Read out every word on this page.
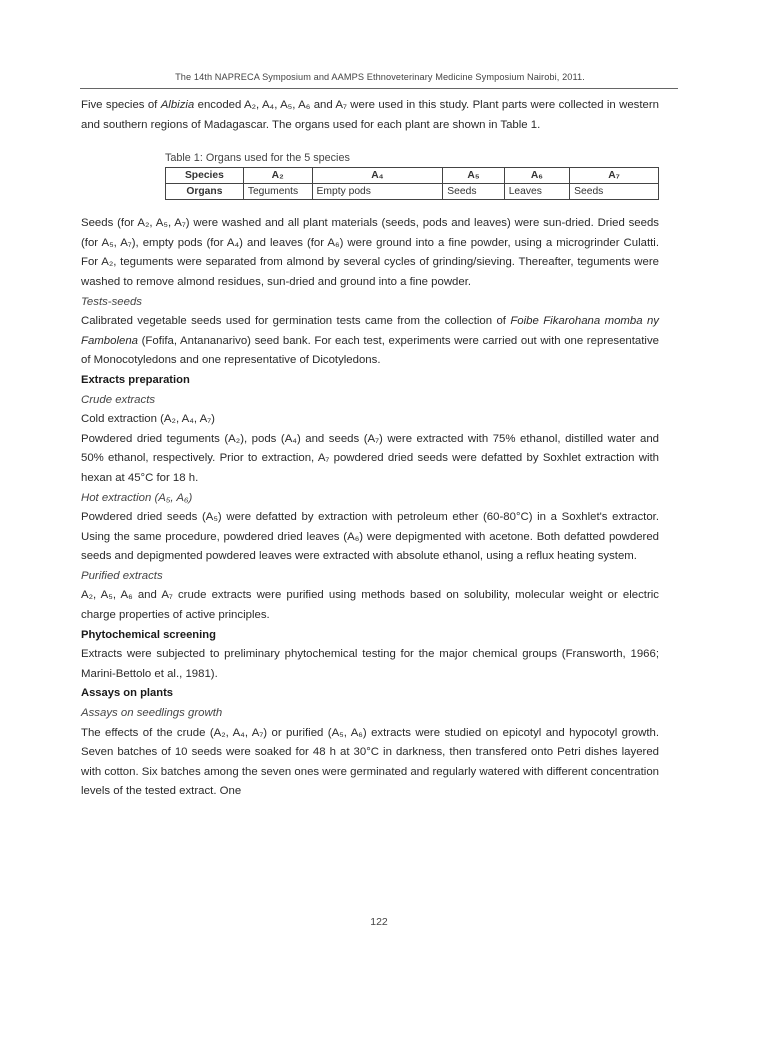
The 14th NAPRECA Symposium and AAMPS Ethnoveterinary Medicine Symposium Nairobi, 2011.

Five species of Albizia encoded A₂, A₄, A₅, A₆ and A₇ were used in this study. Plant parts were collected in western and southern regions of Madagascar. The organs used for each plant are shown in Table 1.

Table 1: Organs used for the 5 species
Species	A₂	A₄	A₅	A₆	A₇
Organs	Teguments	Empty pods	Seeds	Leaves	Seeds

Seeds (for A₂, A₅, A₇) were washed and all plant materials (seeds, pods and leaves) were sun-dried. Dried seeds (for A₅, A₇), empty pods (for A₄) and leaves (for A₆) were ground into a fine powder, using a microgrinder Culatti. For A₂, teguments were separated from almond by several cycles of grinding/sieving. Thereafter, teguments were washed to remove almond residues, sun-dried and ground into a fine powder.

Tests-seeds

Calibrated vegetable seeds used for germination tests came from the collection of Foibe Fikarohana momba ny Fambolena (Fofifa, Antananarivo) seed bank. For each test, experiments were carried out with one representative of Monocotyledons and one representative of Dicotyledons.

Extracts preparation

Crude extracts

Cold extraction (A₂, A₄, A₇)

Powdered dried teguments (A₂), pods (A₄) and seeds (A₇) were extracted with 75% ethanol, distilled water and 50% ethanol, respectively. Prior to extraction, A₇ powdered dried seeds were defatted by Soxhlet extraction with hexan at 45°C for 18 h.

Hot extraction (A₅, A₆)

Powdered dried seeds (A₅) were defatted by extraction with petroleum ether (60-80°C) in a Soxhlet's extractor. Using the same procedure, powdered dried leaves (A₆) were depigmented with acetone. Both defatted powdered seeds and depigmented powdered leaves were extracted with absolute ethanol, using a reflux heating system.

Purified extracts

A₂, A₅, A₆ and A₇ crude extracts were purified using methods based on solubility, molecular weight or electric charge properties of active principles.

Phytochemical screening

Extracts were subjected to preliminary phytochemical testing for the major chemical groups (Fransworth, 1966; Marini-Bettolo et al., 1981).

Assays on plants

Assays on seedlings growth

The effects of the crude (A₂, A₄, A₇) or purified (A₅, A₆) extracts were studied on epicotyl and hypocotyl growth. Seven batches of 10 seeds were soaked for 48 h at 30°C in darkness, then transfered onto Petri dishes layered with cotton. Six batches among the seven ones were germinated and regularly watered with different concentration levels of the tested extract. One

122
